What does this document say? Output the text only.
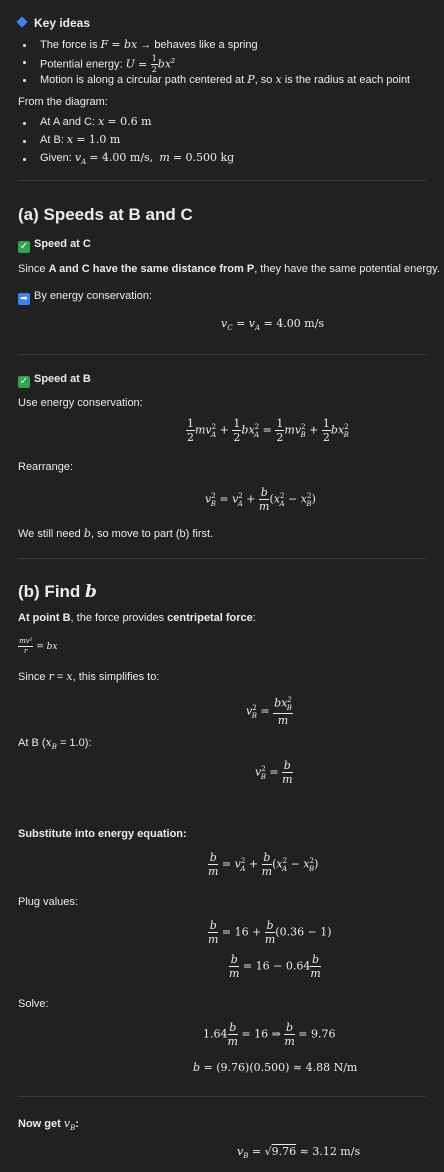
Key ideas
The force is F = bx → behaves like a spring
Potential energy: $U = \frac{1}{2} bx^2$
Motion is along a circular path centered at P, so x is the radius at each point
From the diagram:
At A and C: x = 0.6 m
At B: x = 1.0 m
Given: $v_A = 4.00$ m/s, m = 0.500 kg
(a) Speeds at B and C
✓ Speed at C
Since A and C have the same distance from P, they have the same potential energy.
➡ By energy conservation:
$v_C = v_A = 4.00$ m/s
✓ Speed at B
Use energy conservation:
$\frac{1}{2} mv^2_A + \frac{1}{2} bx^2_A = \frac{1}{2} mv^2_B + \frac{1}{2} bx^2_B$
Rearrange:
$v^2_B = v^2_A + \frac{b}{m} (x^2_A - x^2_B)$
We still need b, so move to part (b) first.
(b) Find b
At point B, the force provides centripetal force:
$\frac{\text{mv²}}{r}$ = bx
Since r = x, this simplifies to:
$v^2_B = \frac{bx^2_B}{m}$
At B $(x_B = 1.0)$:
$v^2_B = \frac{b}{m}$
Substitute into energy equation:
$\frac{b}{m} = v^2_A + \frac{b}{m} (x^2_A - x^2_B)$
Plug values:
$\frac{b}{m} = 16 + \frac{b}{m} (0.36 - 1)$
$\frac{b}{m} = 16 - 0.64 \frac{b}{m}$
Solve:
$1.64 \frac{b}{m} = 16$ ⇒ $\frac{b}{m} = 9.76$
b = (9.76)(0.500) ≈ 4.88 N/m
Now get $v_B$:
$v_B = √9.76 \approx 3.12$ m/s
